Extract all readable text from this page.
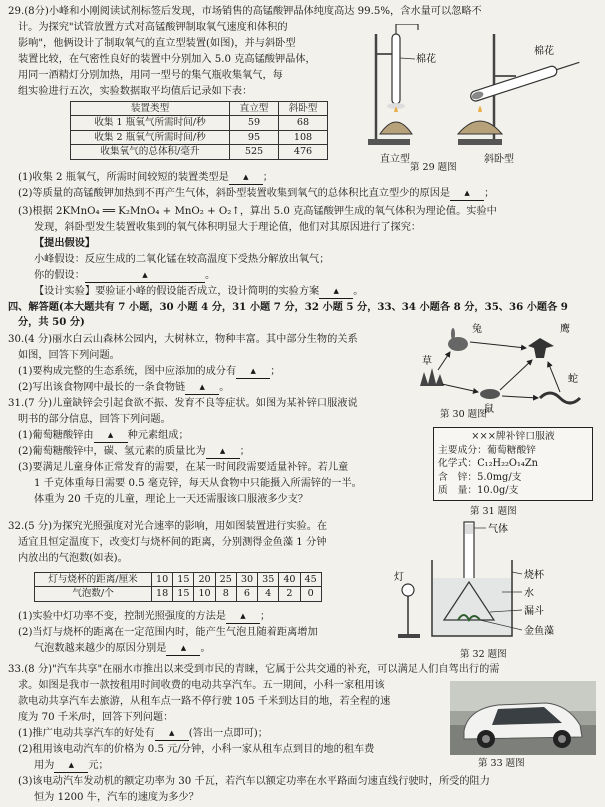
29.(8分)小峰和小刚阅读试剂标签后发现，市场销售的高锰酸钾晶体纯度高达 99.5%，含水量可以忽略不
计。为探究"试管放置方式对高锰酸钾制取氧气速度和体积的
影响"，他俩设计了制取氧气的直立型装置(如图)，并与斜卧型
装置比较，在气密性良好的装置中分别加入 5.0 克高锰酸钾晶体，
用同一酒精灯分别加热，用同一型号的集气瓶收集氧气，每
组实验进行五次，实验数据取平均值后记录如下表：
装置类型	直立型	斜卧型
收集 1 瓶氧气所需时间/秒	59	68
收集 2 瓶氧气所需时间/秒	95	108
收集氧气的总体积/毫升	525	476
棉花
直立型
棉花
斜卧型
第 29 题图
(1)收集 2 瓶氧气，所需时间较短的装置类型是 ▲ ；
(2)等质量的高锰酸钾加热到不再产生气体，斜卧型装置收集到氧气的总体积比直立型少的原因是 ▲ ；
(3)根据 2KMnO₄ ══ K₂MnO₄ + MnO₂ + O₂↑，算出 5.0 克高锰酸钾生成的氧气体积为理论值。实验中
发现，斜卧型发生装置收集到的氧气体积明显大于理论值，他们对其原因进行了探究：
【提出假设】
小峰假设：反应生成的二氧化锰在较高温度下受热分解放出氧气；
你的假设：	▲	。
【设计实验】要验证小峰的假设能否成立，设计简明的实验方案 ▲ 。
四、解答题(本大题共有 7 小题，30 小题 4 分，31 小题 7 分，32 小题 5 分，33、34 小题各 8 分，35、36 小题各 9
分，共 50 分)
30.(4 分)丽水白云山森林公园内，大树林立，物种丰富。其中部分生物的关系
如图，回答下列问题。
(1)要构成完整的生态系统，图中应添加的成分有 ▲ ；
(2)写出该食物网中最长的一条食物链 ▲ 。
兔	鹰
草
鼠
蛇
第 30 题图
31.(7 分)儿童缺锌会引起食欲不振、发育不良等症状。如图为某补锌口服液说
明书的部分信息，回答下列问题。
(1)葡萄糖酸锌由 ▲ 种元素组成；
(2)葡萄糖酸锌中，碳、氢元素的质量比为 ▲ ；
(3)要满足儿童身体正常发育的需要，在某一时间段需要适量补锌。若儿童
1 千克体重每日需要 0.5 毫克锌，每天从食物中只能摄入所需锌的一半。
体重为 20 千克的儿童，理论上一天还需服该口服液多少支？
×××牌补锌口服液
主要成分：葡萄糖酸锌
化学式：C₁₂H₂₂O₁₄Zn
含　锌：5.0mg/支
质　量：10.0g/支
第 31 题图
32.(5 分)为探究光照强度对光合速率的影响，用如图装置进行实验。在
适宜且恒定温度下，改变灯与烧杯间的距离，分别测得金鱼藻 1 分钟
内放出的气泡数(如表)。
灯与烧杯的距离/厘米	10	15	20	25	30	35	40	45
气泡数/个	18	15	10	8	6	4	2	0
(1)实验中灯功率不变，控制光照强度的方法是 ▲ ；
(2)当灯与烧杯的距离在一定范围内时，能产生气泡且随着距离增加
气泡数越来越少的原因分别是 ▲ 。
气体
烧杯
水
漏斗
金鱼藻
灯
第 32 题图
33.(8 分)"汽车共享"在丽水市推出以来受到市民的青睐，它属于公共交通的补充，可以满足人们自驾出行的需
求。如图是我市一款按租用时间收费的电动共享汽车。五一期间，小科一家租用该
款电动共享汽车去旅游，从租车点一路不停行驶 105 千米到达目的地，若全程的速
度为 70 千米/时，回答下列问题：
(1)推广电动共享汽车的好处有 ▲ (答出一点即可)；
(2)租用该电动汽车的价格为 0.5 元/分钟，小科一家从租车点到目的地的租车费
用为 ▲ 元；
(3)该电动汽车发动机的额定功率为 30 千瓦，若汽车以额定功率在水平路面匀速直线行驶时，所受的阻力
恒为 1200 牛，汽车的速度为多少？
第 33 题图
